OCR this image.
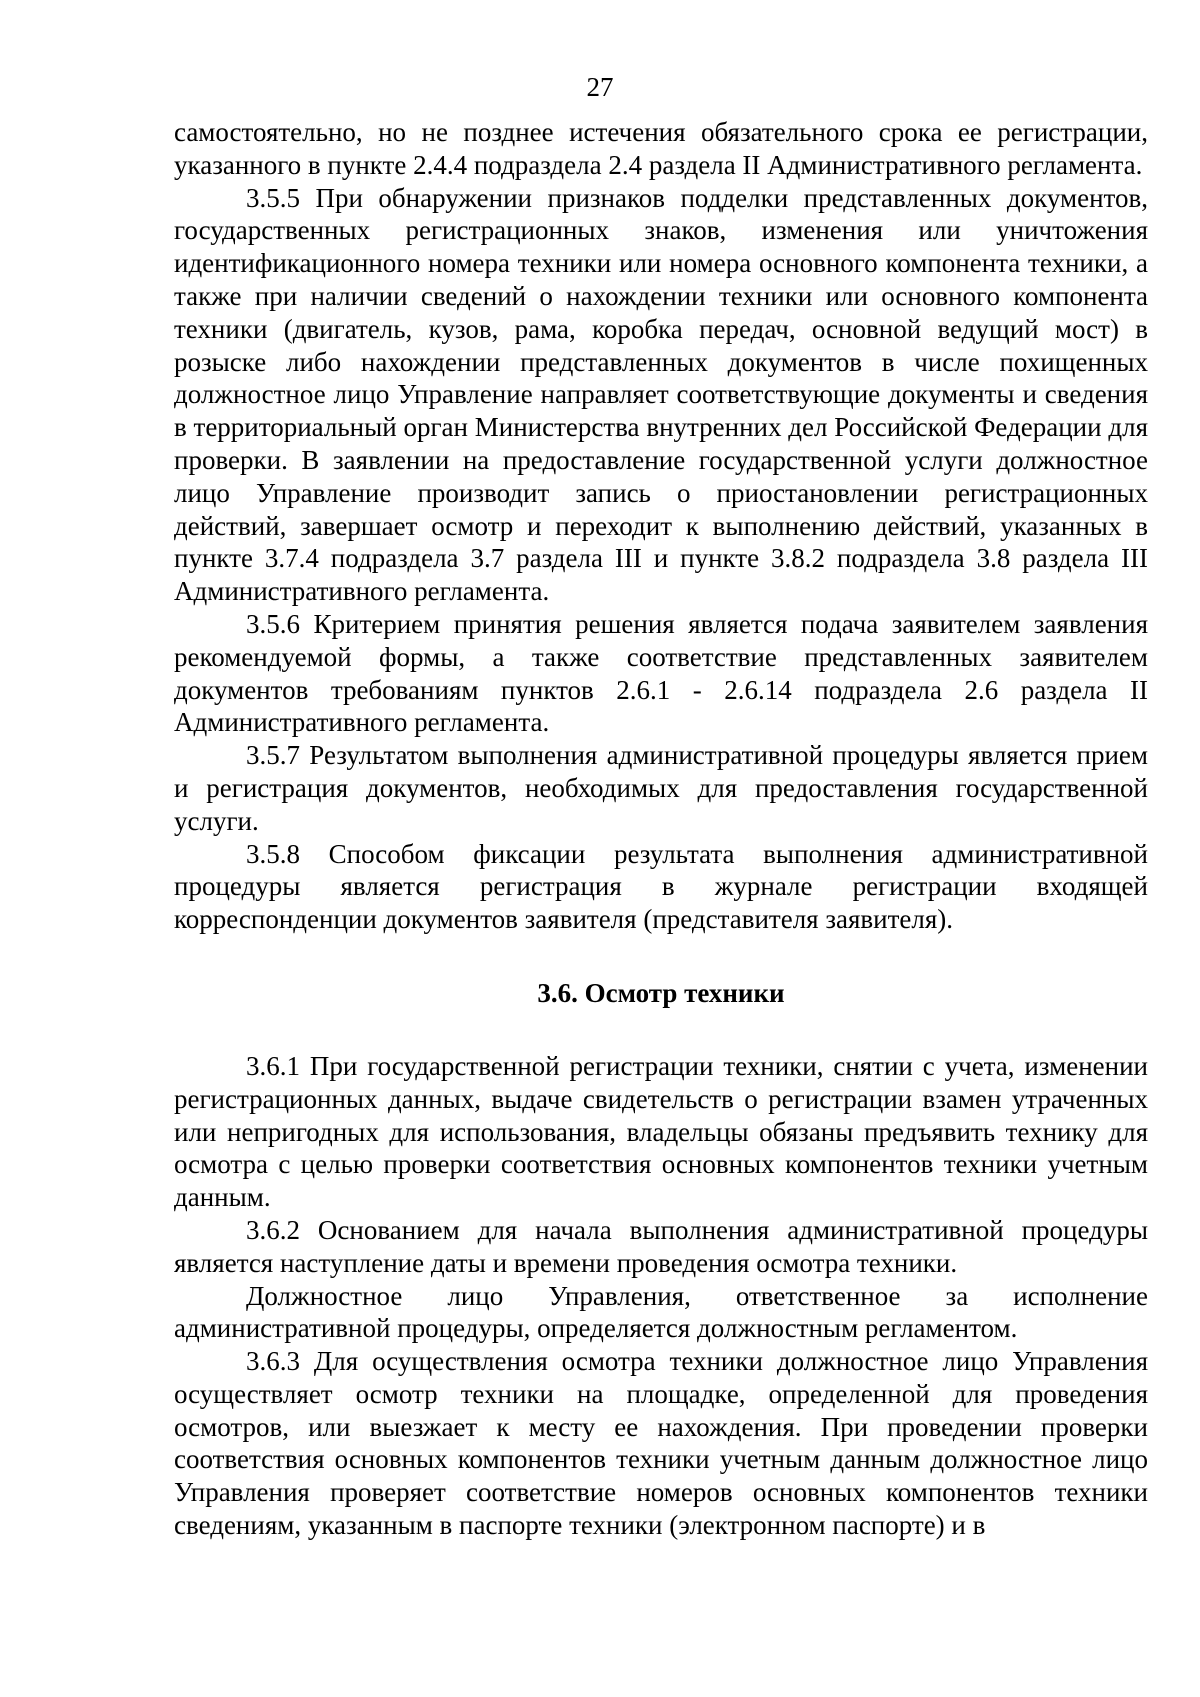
27

самостоятельно, но не позднее истечения обязательного срока ее регистрации, указанного в пункте 2.4.4 подраздела 2.4 раздела II Административного регламента.

3.5.5 При обнаружении признаков подделки представленных документов, государственных регистрационных знаков, изменения или уничтожения идентификационного номера техники или номера основного компонента техники, а также при наличии сведений о нахождении техники или основного компонента техники (двигатель, кузов, рама, коробка передач, основной ведущий мост) в розыске либо нахождении представленных документов в числе похищенных должностное лицо Управление направляет соответствующие документы и сведения в территориальный орган Министерства внутренних дел Российской Федерации для проверки. В заявлении на предоставление государственной услуги должностное лицо Управление производит запись о приостановлении регистрационных действий, завершает осмотр и переходит к выполнению действий, указанных в пункте 3.7.4 подраздела 3.7 раздела III и пункте 3.8.2 подраздела 3.8 раздела III Административного регламента.

3.5.6 Критерием принятия решения является подача заявителем заявления рекомендуемой формы, а также соответствие представленных заявителем документов требованиям пунктов 2.6.1 - 2.6.14 подраздела 2.6 раздела II Административного регламента.

3.5.7 Результатом выполнения административной процедуры является прием и регистрация документов, необходимых для предоставления государственной услуги.

3.5.8 Способом фиксации результата выполнения административной процедуры является регистрация в журнале регистрации входящей корреспонденции документов заявителя (представителя заявителя).

3.6. Осмотр техники

3.6.1 При государственной регистрации техники, снятии с учета, изменении регистрационных данных, выдаче свидетельств о регистрации взамен утраченных или непригодных для использования, владельцы обязаны предъявить технику для осмотра с целью проверки соответствия основных компонентов техники учетным данным.

3.6.2 Основанием для начала выполнения административной процедуры является наступление даты и времени проведения осмотра техники.

Должностное лицо Управления, ответственное за исполнение административной процедуры, определяется должностным регламентом.

3.6.3 Для осуществления осмотра техники должностное лицо Управления осуществляет осмотр техники на площадке, определенной для проведения осмотров, или выезжает к месту ее нахождения. При проведении проверки соответствия основных компонентов техники учетным данным должностное лицо Управления проверяет соответствие номеров основных компонентов техники сведениям, указанным в паспорте техники (электронном паспорте) и в
